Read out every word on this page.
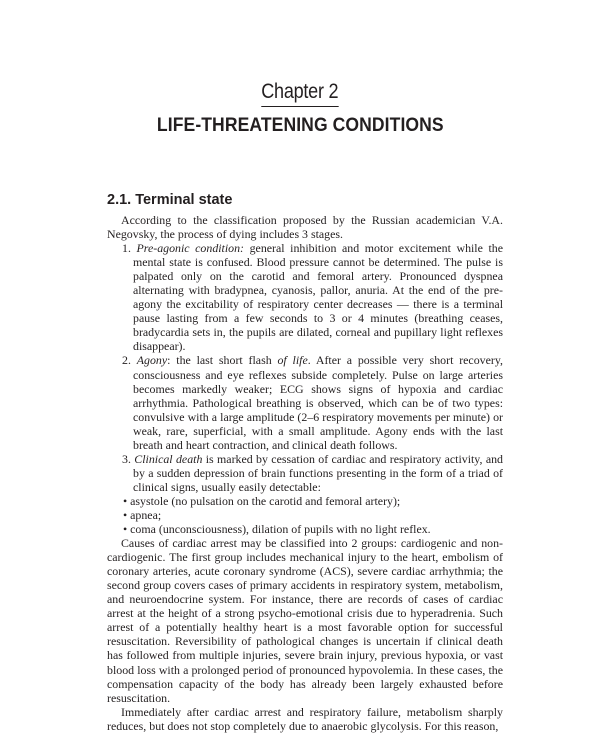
Chapter 2
LIFE-THREATENING CONDITIONS
2.1. Terminal state

According to the classification proposed by the Russian academician V.A. Negovsky, the process of dying includes 3 stages.

1. Pre-agonic condition: general inhibition and motor excitement while the mental state is confused. Blood pressure cannot be determined. The pulse is palpated only on the carotid and femoral artery. Pronounced dyspnea alternating with bradypnea, cyanosis, pallor, anuria. At the end of the pre-agony the excitability of respiratory center decreases — there is a terminal pause lasting from a few seconds to 3 or 4 minutes (breathing ceases, bradycardia sets in, the pupils are dilated, corneal and pupillary light reflexes disappear).

2. Agony: the last short flash of life. After a possible very short recovery, consciousness and eye reflexes subside completely. Pulse on large arteries becomes markedly weaker; ECG shows signs of hypoxia and cardiac arrhythmia. Pathological breathing is observed, which can be of two types: convulsive with a large amplitude (2–6 respiratory movements per minute) or weak, rare, superficial, with a small amplitude. Agony ends with the last breath and heart contraction, and clinical death follows.

3. Clinical death is marked by cessation of cardiac and respiratory activity, and by a sudden depression of brain functions presenting in the form of a triad of clinical signs, usually easily detectable:

• asystole (no pulsation on the carotid and femoral artery);

• apnea;

• coma (unconsciousness), dilation of pupils with no light reflex.

Causes of cardiac arrest may be classified into 2 groups: cardiogenic and non-cardiogenic. The first group includes mechanical injury to the heart, embolism of coronary arteries, acute coronary syndrome (ACS), severe cardiac arrhythmia; the second group covers cases of primary accidents in respiratory system, metabolism, and neuroendocrine system. For instance, there are records of cases of cardiac arrest at the height of a strong psycho-emotional crisis due to hyperadrenia. Such arrest of a potentially healthy heart is a most favorable option for successful resuscitation. Reversibility of pathological changes is uncertain if clinical death has followed from multiple injuries, severe brain injury, previous hypoxia, or vast blood loss with a prolonged period of pronounced hypovolemia. In these cases, the compensation capacity of the body has already been largely exhausted before resuscitation.

Immediately after cardiac arrest and respiratory failure, metabolism sharply reduces, but does not stop completely due to anaerobic glycolysis. For this reason,
